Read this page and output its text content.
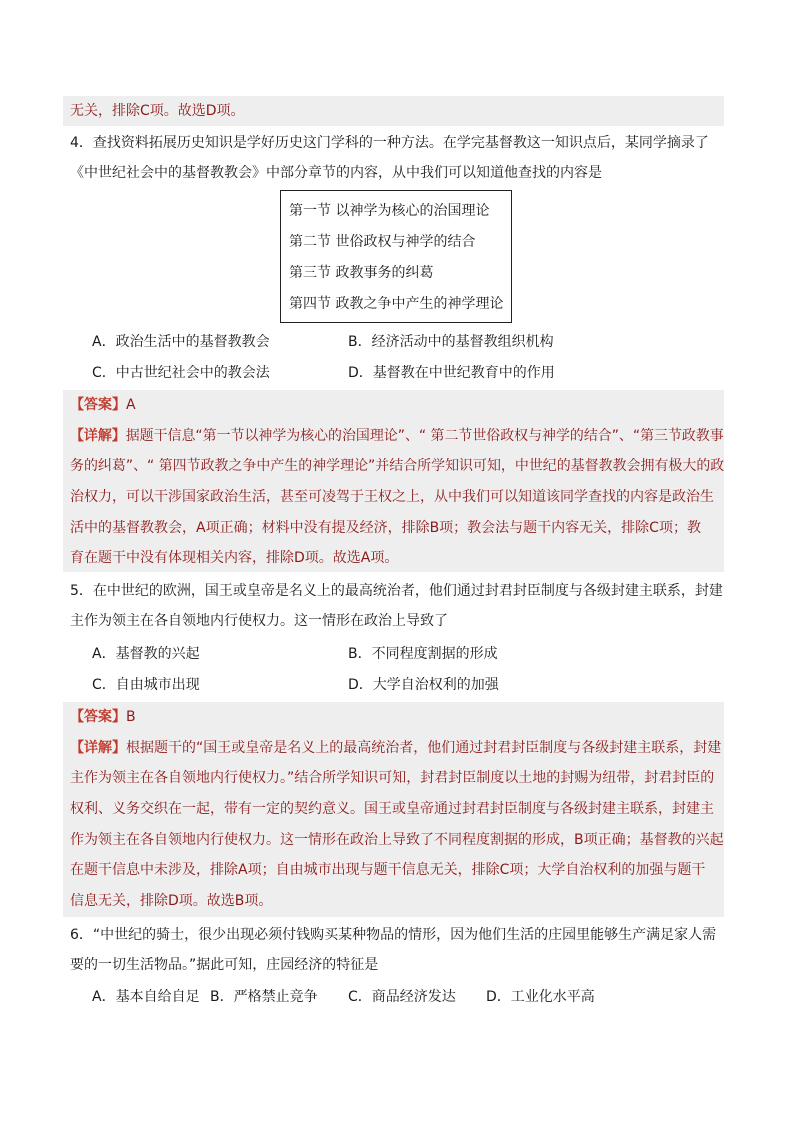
无关，排除C项。故选D项。
4．查找资料拓展历史知识是学好历史这门学科的一种方法。在学完基督教这一知识点后，某同学摘录了
《中世纪社会中的基督教教会》中部分章节的内容，从中我们可以知道他查找的内容是
第一节 以神学为核心的治国理论
第二节 世俗政权与神学的结合
第三节 政教事务的纠葛
第四节 政教之争中产生的神学理论
A．政治生活中的基督教教会	B．经济活动中的基督教组织机构
C．中古世纪社会中的教会法	D．基督教在中世纪教育中的作用
【答案】A
【详解】据题干信息“第一节以神学为核心的治国理论”、“ 第二节世俗政权与神学的结合”、“第三节政教事
务的纠葛”、“ 第四节政教之争中产生的神学理论”并结合所学知识可知，中世纪的基督教教会拥有极大的政
治权力，可以干涉国家政治生活，甚至可凌驾于王权之上，从中我们可以知道该同学查找的内容是政治生
活中的基督教教会，A项正确；材料中没有提及经济，排除B项；教会法与题干内容无关，排除C项；教
育在题干中没有体现相关内容，排除D项。故选A项。
5．在中世纪的欧洲，国王或皇帝是名义上的最高统治者，他们通过封君封臣制度与各级封建主联系，封建
主作为领主在各自领地内行使权力。这一情形在政治上导致了
A．基督教的兴起	B．不同程度割据的形成
C．自由城市出现	D．大学自治权利的加强
【答案】B
【详解】根据题干的“国王或皇帝是名义上的最高统治者，他们通过封君封臣制度与各级封建主联系，封建
主作为领主在各自领地内行使权力。”结合所学知识可知，封君封臣制度以土地的封赐为纽带，封君封臣的
权利、义务交织在一起，带有一定的契约意义。国王或皇帝通过封君封臣制度与各级封建主联系，封建主
作为领主在各自领地内行使权力。这一情形在政治上导致了不同程度割据的形成，B项正确；基督教的兴起
在题干信息中未涉及，排除A项；自由城市出现与题干信息无关，排除C项；大学自治权利的加强与题干
信息无关，排除D项。故选B项。
6．“中世纪的骑士，很少出现必须付钱购买某种物品的情形，因为他们生活的庄园里能够生产满足家人需
要的一切生活物品。”据此可知，庄园经济的特征是
A．基本自给自足 B．严格禁止竞争 C．商品经济发达 D．工业化水平高
